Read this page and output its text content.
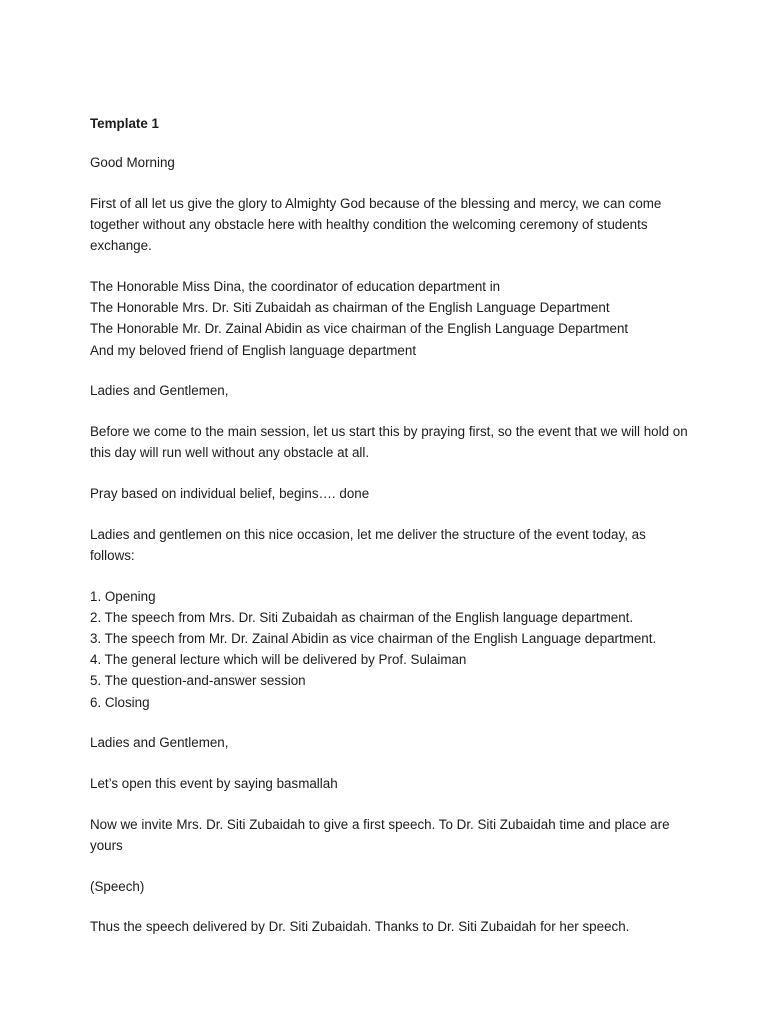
Template 1
Good Morning
First of all let us give the glory to Almighty God because of the blessing and mercy, we can come together without any obstacle here with healthy condition the welcoming ceremony of students exchange.
The Honorable Miss Dina, the coordinator of education department in
The Honorable Mrs. Dr. Siti Zubaidah as chairman of the English Language Department
The Honorable Mr. Dr. Zainal Abidin as vice chairman of the English Language Department
And my beloved friend of English language department
Ladies and Gentlemen,
Before we come to the main session, let us start this by praying first, so the event that we will hold on this day will run well without any obstacle at all.
Pray based on individual belief, begins…. done
Ladies and gentlemen on this nice occasion, let me deliver the structure of the event today, as follows:
1. Opening
2. The speech from Mrs. Dr. Siti Zubaidah as chairman of the English language department.
3. The speech from Mr. Dr. Zainal Abidin as vice chairman of the English Language department.
4. The general lecture which will be delivered by Prof. Sulaiman
5. The question-and-answer session
6. Closing
Ladies and Gentlemen,
Let’s open this event by saying basmallah
Now we invite Mrs. Dr. Siti Zubaidah to give a first speech. To Dr. Siti Zubaidah time and place are yours
(Speech)
Thus the speech delivered by Dr. Siti Zubaidah. Thanks to Dr. Siti Zubaidah for her speech.
